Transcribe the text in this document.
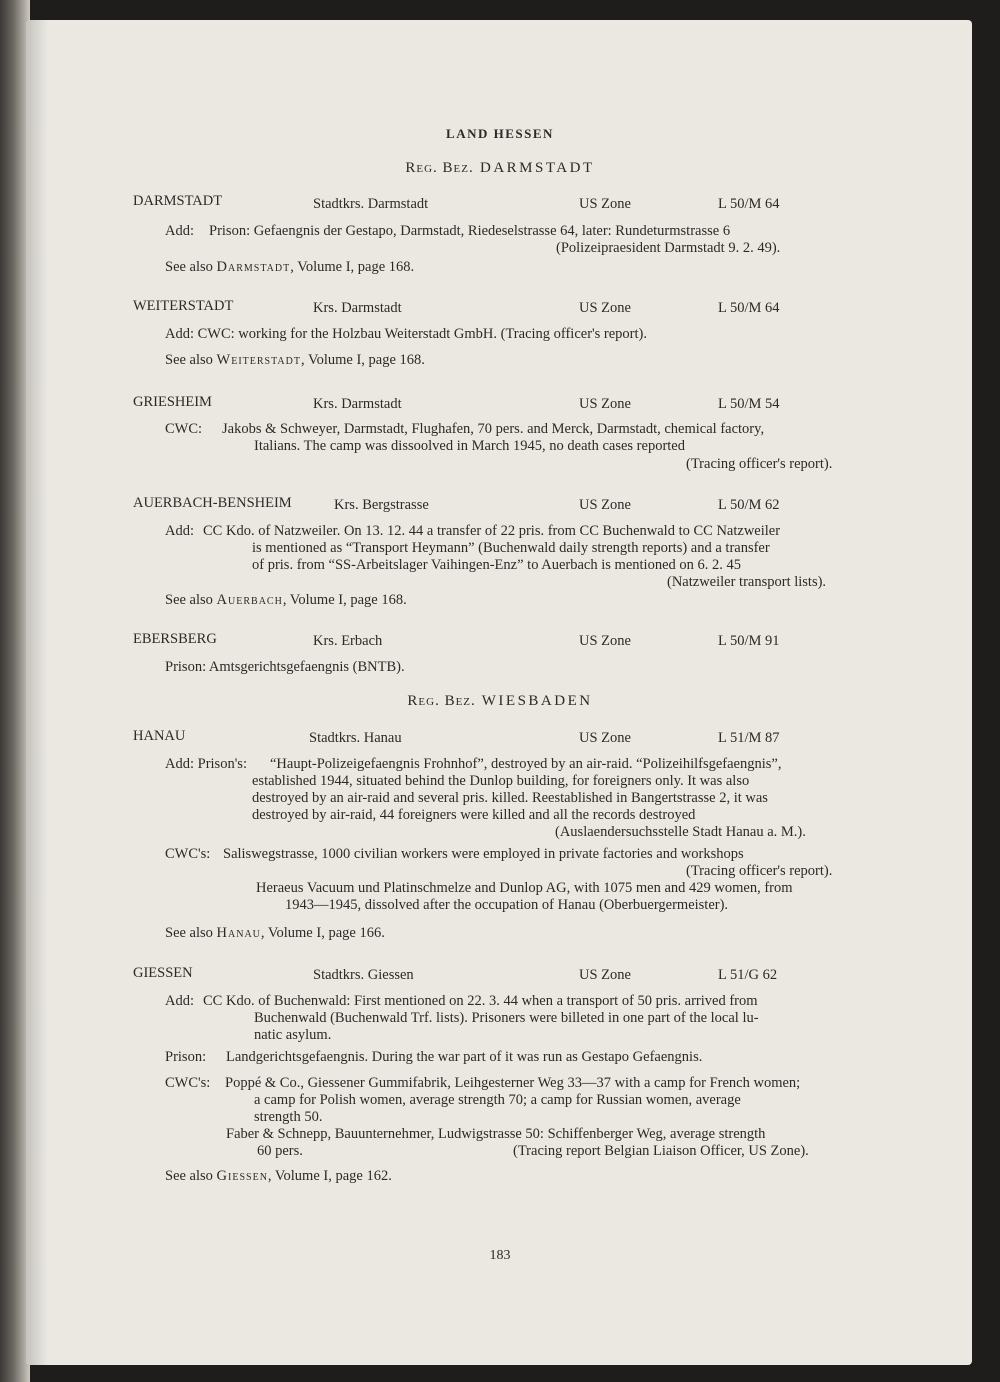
LAND HESSEN
Reg. Bez. DARMSTADT
DARMSTADT	Stadtkrs. Darmstadt	US Zone	L 50/M 64
Add: Prison: Gefaengnis der Gestapo, Darmstadt, Riedeselstrasse 64, later: Rundeturmstrasse 6
(Polizeipraesident Darmstadt 9. 2. 49).
See also Darmstadt, Volume I, page 168.
WEITERSTADT	Krs. Darmstadt	US Zone	L 50/M 64
Add: CWC: working for the Holzbau Weiterstadt GmbH. (Tracing officer's report).
See also Weiterstadt, Volume I, page 168.
GRIESHEIM	Krs. Darmstadt	US Zone	L 50/M 54
CWC: Jakobs & Schweyer, Darmstadt, Flughafen, 70 pers. and Merck, Darmstadt, chemical factory,
Italians. The camp was dissoolved in March 1945, no death cases reported
(Tracing officer's report).
AUERBACH-BENSHEIM	Krs. Bergstrasse	US Zone	L 50/M 62
Add: CC Kdo. of Natzweiler. On 13. 12. 44 a transfer of 22 pris. from CC Buchenwald to CC Natzweiler
is mentioned as “Transport Heymann” (Buchenwald daily strength reports) and a transfer
of pris. from “SS-Arbeitslager Vaihingen-Enz” to Auerbach is mentioned on 6. 2. 45
(Natzweiler transport lists).
See also Auerbach, Volume I, page 168.
EBERSBERG	Krs. Erbach	US Zone	L 50/M 91
Prison: Amtsgerichtsgefaengnis (BNTB).
Reg. Bez. WIESBADEN
HANAU	Stadtkrs. Hanau	US Zone	L 51/M 87
Add: Prison's: “Haupt-Polizeigefaengnis Frohnhof”, destroyed by an air-raid. “Polizeihilfsgefaengnis”,
established 1944, situated behind the Dunlop building, for foreigners only. It was also
destroyed by an air-raid and several pris. killed. Reestablished in Bangertstrasse 2, it was
destroyed by air-raid, 44 foreigners were killed and all the records destroyed
(Auslaendersuchsstelle Stadt Hanau a. M.).
CWC's: Saliswegstrasse, 1000 civilian workers were employed in private factories and workshops
(Tracing officer's report).
Heraeus Vacuum und Platinschmelze and Dunlop AG, with 1075 men and 429 women, from
1943—1945, dissolved after the occupation of Hanau (Oberbuergermeister).
See also Hanau, Volume I, page 166.
GIESSEN	Stadtkrs. Giessen	US Zone	L 51/G 62
Add: CC Kdo. of Buchenwald: First mentioned on 22. 3. 44 when a transport of 50 pris. arrived from
Buchenwald (Buchenwald Trf. lists). Prisoners were billeted in one part of the local lu-
natic asylum.
Prison: Landgerichtsgefaengnis. During the war part of it was run as Gestapo Gefaengnis.
CWC's: Poppé & Co., Giessener Gummifabrik, Leihgesterner Weg 33—37 with a camp for French women;
a camp for Polish women, average strength 70; a camp for Russian women, average
strength 50.
Faber & Schnepp, Bauunternehmer, Ludwigstrasse 50: Schiffenberger Weg, average strength
60 pers.	(Tracing report Belgian Liaison Officer, US Zone).
See also Giessen, Volume I, page 162.
183
